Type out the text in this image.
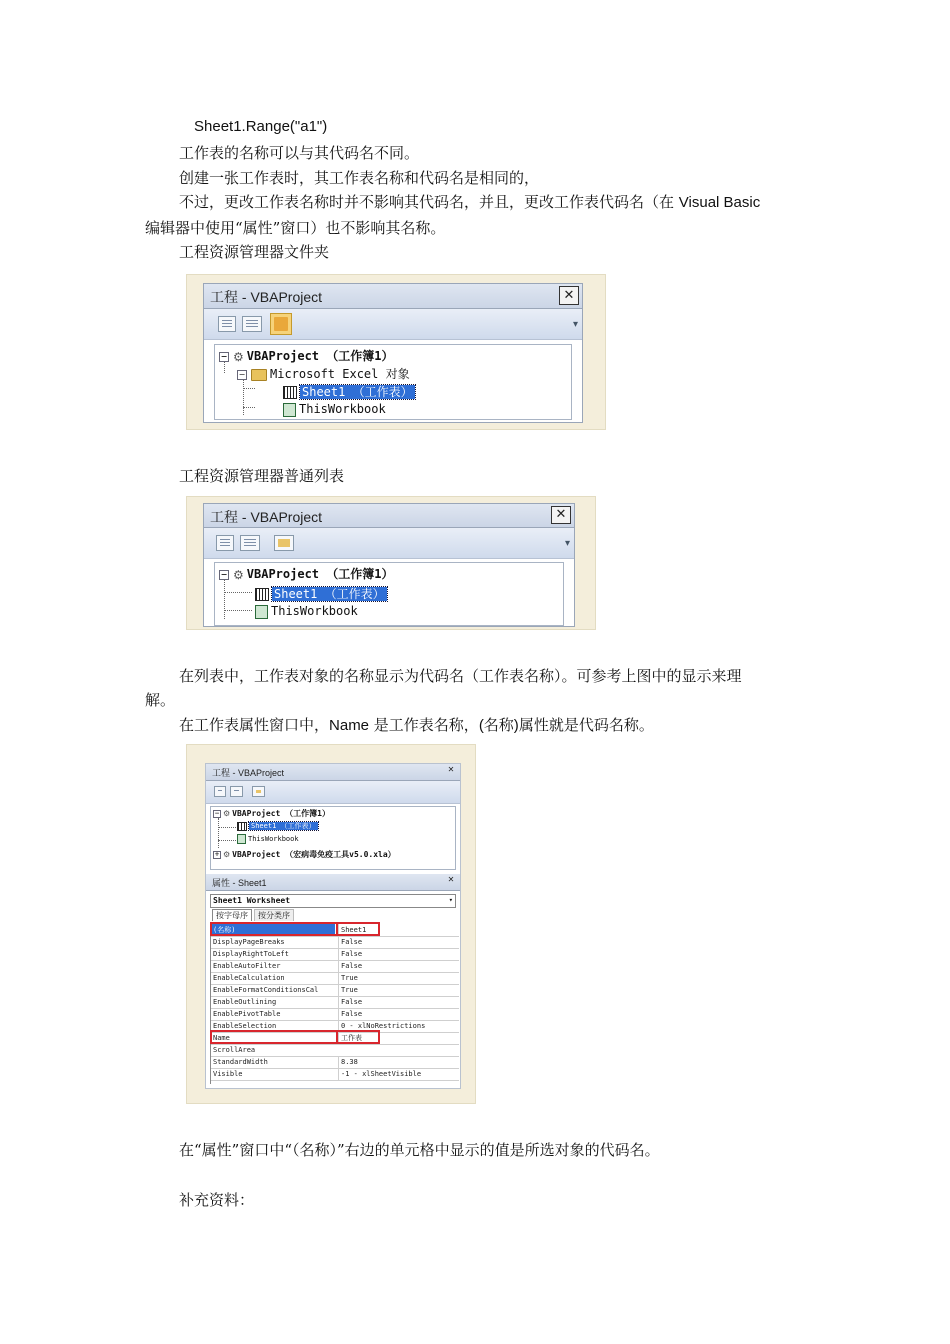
Sheet1.Range("a1")
工作表的名称可以与其代码名不同。
创建一张工作表时，其工作表名称和代码名是相同的，
不过，更改工作表名称时并不影响其代码名，并且，更改工作表代码名（在 Visual Basic
编辑器中使用“属性”窗口）也不影响其名称。
工程资源管理器文件夹
工程 - VBAProject	✕
▾
− ⚙ VBAProject （工作簿1）
− Microsoft Excel 对象
Sheet1 （工作表）
ThisWorkbook
工程资源管理器普通列表
工程 - VBAProject	✕
▾
− ⚙ VBAProject （工作簿1）
Sheet1 （工作表）
ThisWorkbook
在列表中，工作表对象的名称显示为代码名（工作表名称）。可参考上图中的显示来理
解。
在工作表属性窗口中，Name 是工作表名称，(名称)属性就是代码名称。
工程 - VBAProject	✕
− ⚙ VBAProject （工作簿1）
Sheet1 （工作表）
ThisWorkbook
+ ⚙ VBAProject （宏病毒免疫工具v5.0.xla）
属性 - Sheet1	✕
Sheet1 Worksheet	▾
按字母序 按分类序
(名称)	Sheet1
DisplayPageBreaks	False
DisplayRightToLeft	False
EnableAutoFilter	False
EnableCalculation	True
EnableFormatConditionsCal	True
EnableOutlining	False
EnablePivotTable	False
EnableSelection	0 - xlNoRestrictions
Name	工作表
ScrollArea
StandardWidth	8.38
Visible	-1 - xlSheetVisible
在“属性”窗口中“（名称）”右边的单元格中显示的值是所选对象的代码名。
补充资料：
